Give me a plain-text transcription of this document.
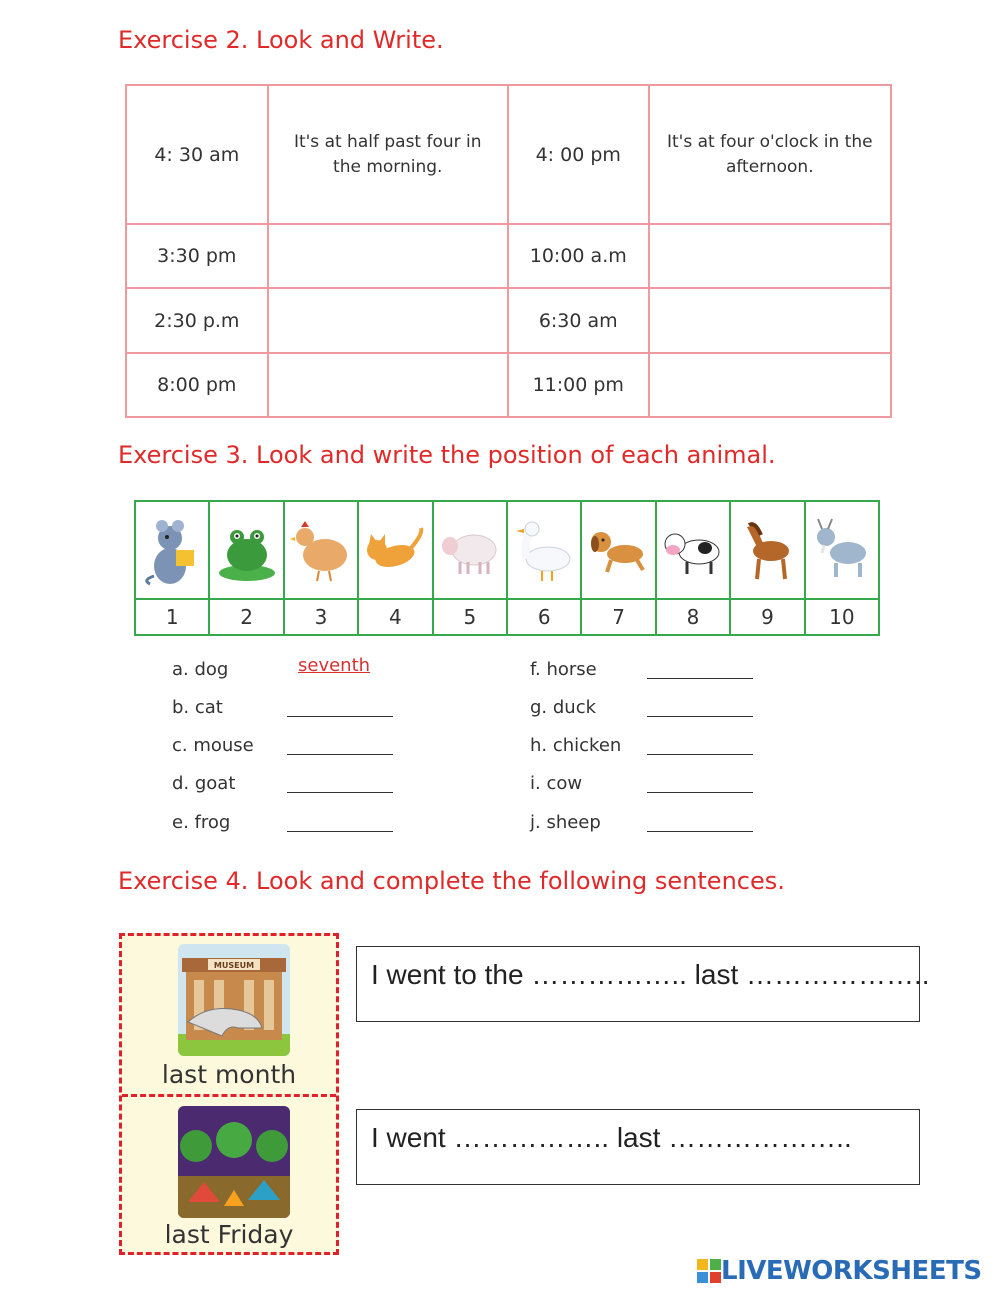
Exercise 2. Look and Write.
4: 30 am	It's at half past four in the morning.	4: 00 pm	It's at four o'clock in the afternoon.
3:30 pm		10:00 a.m	
2:30 p.m		6:30 am	
8:00 pm		11:00 pm	
Exercise 3. Look and write the position of each animal.
1	2	3	4	5	6	7	8	9	10
a. dog	seventh
b. cat
c. mouse
d. goat
e. frog
f. horse
g. duck
h. chicken
i. cow
j. sheep
Exercise 4. Look and complete the following sentences.
MUSEUM
last month
last Friday
I went to the …………….. last ………………..
I went …………….. last ………………..
LIVEWORKSHEETS
